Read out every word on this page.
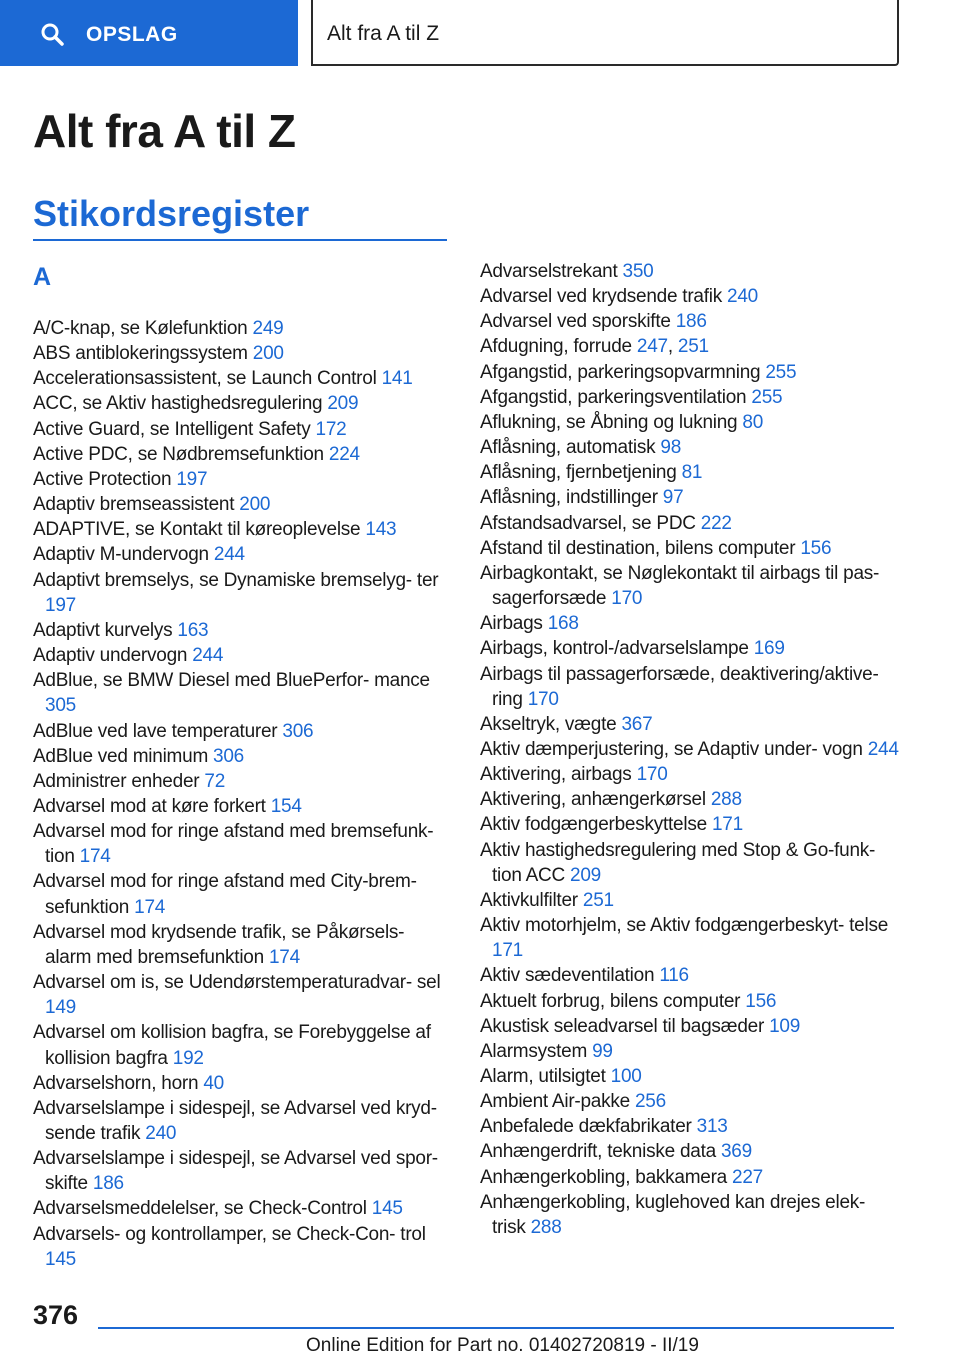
OPSLAG	Alt fra A til Z
Alt fra A til Z
Stikordsregister
A
A/C-knap, se Kølefunktion 249
ABS antiblokeringssystem 200
Accelerationsassistent, se Launch Control 141
ACC, se Aktiv hastighedsregulering 209
Active Guard, se Intelligent Safety 172
Active PDC, se Nødbremsefunktion 224
Active Protection 197
Adaptiv bremseassistent 200
ADAPTIVE, se Kontakt til køreoplevelse 143
Adaptiv M-undervogn 244
Adaptivt bremselys, se Dynamiske bremselyg‐ ter 197
Adaptivt kurvelys 163
Adaptiv undervogn 244
AdBlue, se BMW Diesel med BluePerfor‐ mance 305
AdBlue ved lave temperaturer 306
AdBlue ved minimum 306
Administrer enheder 72
Advarsel mod at køre forkert 154
Advarsel mod for ringe afstand med bremsefunk‐ tion 174
Advarsel mod for ringe afstand med City-brem‐ sefunktion 174
Advarsel mod krydsende trafik, se Påkørsels‐ alarm med bremsefunktion 174
Advarsel om is, se Udendørstemperaturadvar‐ sel 149
Advarsel om kollision bagfra, se Forebyggelse af kollision bagfra 192
Advarselshorn, horn 40
Advarselslampe i sidespejl, se Advarsel ved kryd‐ sende trafik 240
Advarselslampe i sidespejl, se Advarsel ved spor‐ skifte 186
Advarselsmeddelelser, se Check-Control 145
Advarsels- og kontrollamper, se Check-Con‐ trol 145
Advarselstrekant 350
Advarsel ved krydsende trafik 240
Advarsel ved sporskifte 186
Afdugning, forrude 247, 251
Afgangstid, parkeringsopvarmning 255
Afgangstid, parkeringsventilation 255
Aflukning, se Åbning og lukning 80
Aflåsning, automatisk 98
Aflåsning, fjernbetjening 81
Aflåsning, indstillinger 97
Afstandsadvarsel, se PDC 222
Afstand til destination, bilens computer 156
Airbagkontakt, se Nøglekontakt til airbags til pas‐ sagerforsæde 170
Airbags 168
Airbags, kontrol-/advarselslampe 169
Airbags til passagerforsæde, deaktivering/aktive‐ ring 170
Akseltryk, vægte 367
Aktiv dæmperjustering, se Adaptiv under‐ vogn 244
Aktivering, airbags 170
Aktivering, anhængerkørsel 288
Aktiv fodgængerbeskyttelse 171
Aktiv hastighedsregulering med Stop & Go-funk‐ tion ACC 209
Aktivkulfilter 251
Aktiv motorhjelm, se Aktiv fodgængerbeskyt‐ telse 171
Aktiv sædeventilation 116
Aktuelt forbrug, bilens computer 156
Akustisk seleadvarsel til bagsæder 109
Alarmsystem 99
Alarm, utilsigtet 100
Ambient Air-pakke 256
Anbefalede dækfabrikater 313
Anhængerdrift, tekniske data 369
Anhængerkobling, bakkamera 227
Anhængerkobling, kuglehoved kan drejes elek‐ trisk 288
376
Online Edition for Part no. 01402720819 - II/19
